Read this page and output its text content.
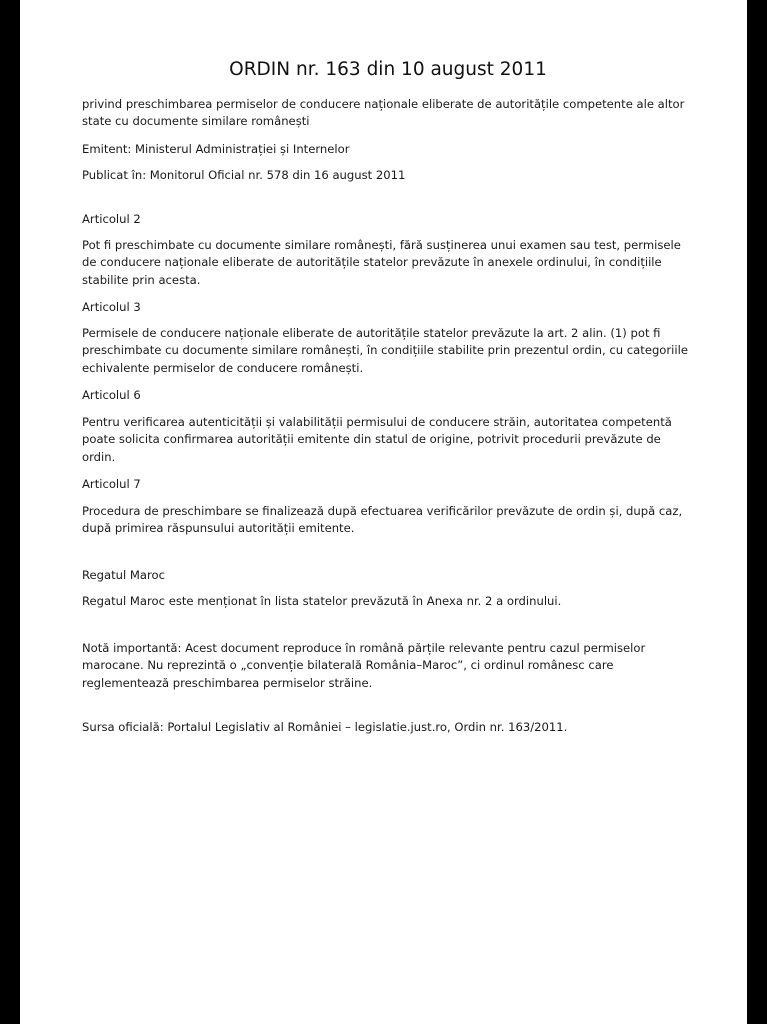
ORDIN nr. 163 din 10 august 2011

privind preschimbarea permiselor de conducere naționale eliberate de autoritățile competente ale altor state cu documente similare românești

Emitent: Ministerul Administrației și Internelor

Publicat în: Monitorul Oficial nr. 578 din 16 august 2011

Articolul 2

Pot fi preschimbate cu documente similare românești, fără susținerea unui examen sau test, permisele de conducere naționale eliberate de autoritățile statelor prevăzute în anexele ordinului, în condițiile stabilite prin acesta.

Articolul 3

Permisele de conducere naționale eliberate de autoritățile statelor prevăzute la art. 2 alin. (1) pot fi preschimbate cu documente similare românești, în condițiile stabilite prin prezentul ordin, cu categoriile echivalente permiselor de conducere românești.

Articolul 6

Pentru verificarea autenticității și valabilității permisului de conducere străin, autoritatea competentă poate solicita confirmarea autorității emitente din statul de origine, potrivit procedurii prevăzute de ordin.

Articolul 7

Procedura de preschimbare se finalizează după efectuarea verificărilor prevăzute de ordin și, după caz, după primirea răspunsului autorității emitente.

Regatul Maroc

Regatul Maroc este menționat în lista statelor prevăzută în Anexa nr. 2 a ordinului.

Notă importantă: Acest document reproduce în română părțile relevante pentru cazul permiselor marocane. Nu reprezintă o „convenție bilaterală România–Maroc”, ci ordinul românesc care reglementează preschimbarea permiselor străine.

Sursa oficială: Portalul Legislativ al României – legislatie.just.ro, Ordin nr. 163/2011.
